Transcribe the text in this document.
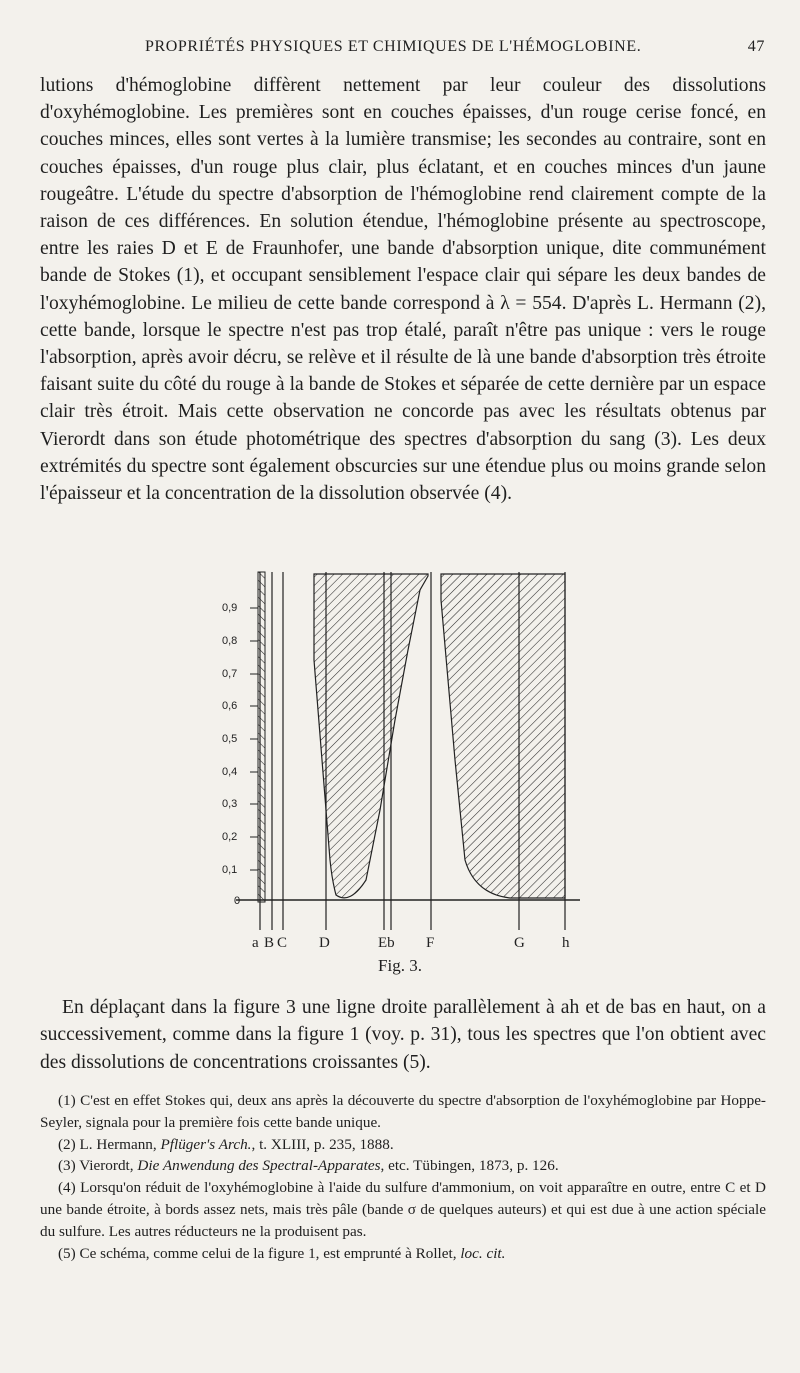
PROPRIÉTÉS PHYSIQUES ET CHIMIQUES DE L'HÉMOGLOBINE.	47

lutions d'hémoglobine diffèrent nettement par leur couleur des dissolutions d'oxyhémoglobine. Les premières sont en couches épaisses, d'un rouge cerise foncé, en couches minces, elles sont vertes à la lumière transmise; les secondes au contraire, sont en couches épaisses, d'un rouge plus clair, plus éclatant, et en couches minces d'un jaune rougeâtre. L'étude du spectre d'absorption de l'hémoglobine rend clairement compte de la raison de ces différences. En solution étendue, l'hémoglobine présente au spectroscope, entre les raies D et E de Fraunhofer, une bande d'absorption unique, dite communément bande de Stokes (1), et occupant sensiblement l'espace clair qui sépare les deux bandes de l'oxyhémoglobine. Le milieu de cette bande correspond à λ = 554. D'après L. Hermann (2), cette bande, lorsque le spectre n'est pas trop étalé, paraît n'être pas unique : vers le rouge l'absorption, après avoir décru, se relève et il résulte de là une bande d'absorption très étroite faisant suite du côté du rouge à la bande de Stokes et séparée de cette dernière par un espace clair très étroit. Mais cette observation ne concorde pas avec les résultats obtenus par Vierordt dans son étude photométrique des spectres d'absorption du sang (3). Les deux extrémités du spectre sont également obscurcies sur une étendue plus ou moins grande selon l'épaisseur et la concentration de la dissolution observée (4).

0,9
0,8
0,7
0,6
0,5
0,4
0,3
0,2
0,1
0
a B C D	Eb F	G h
Fig. 3.

En déplaçant dans la figure 3 une ligne droite parallèlement à ah et de bas en haut, on a successivement, comme dans la figure 1 (voy. p. 31), tous les spectres que l'on obtient avec des dissolutions de concentrations croissantes (5).

(1) C'est en effet Stokes qui, deux ans après la découverte du spectre d'absorption de l'oxyhémoglobine par Hoppe-Seyler, signala pour la première fois cette bande unique.

(2) L. Hermann, Pflüger's Arch., t. XLIII, p. 235, 1888.

(3) Vierordt, Die Anwendung des Spectral-Apparates, etc. Tübingen, 1873, p. 126.

(4) Lorsqu'on réduit de l'oxyhémoglobine à l'aide du sulfure d'ammonium, on voit apparaître en outre, entre C et D une bande étroite, à bords assez nets, mais très pâle (bande σ de quelques auteurs) et qui est due à une action spéciale du sulfure. Les autres réducteurs ne la produisent pas.

(5) Ce schéma, comme celui de la figure 1, est emprunté à Rollet, loc. cit.
